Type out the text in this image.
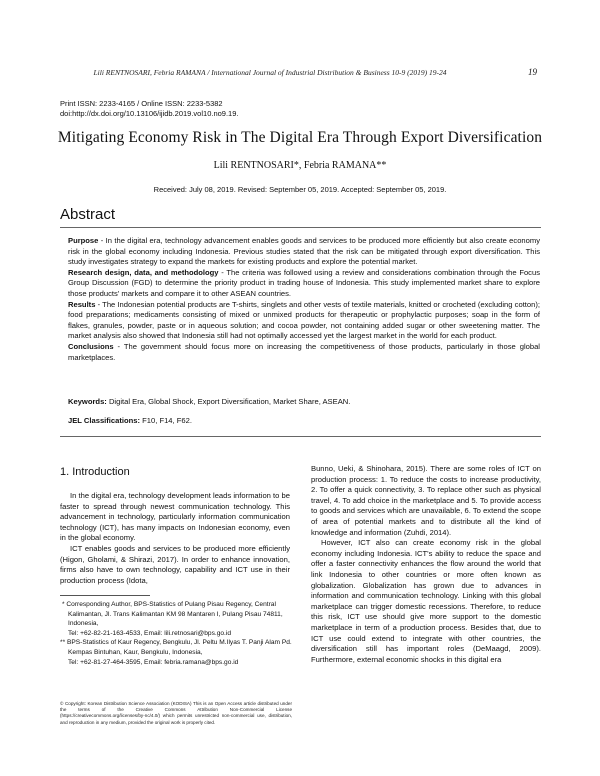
Lili RENTNOSARI, Febria RAMANA / International Journal of Industrial Distribution & Business 10-9 (2019) 19-24	19
Print ISSN: 2233-4165 / Online ISSN: 2233-5382
doi:http://dx.doi.org/10.13106/ijidb.2019.vol10.no9.19.
Mitigating Economy Risk in The Digital Era Through Export Diversification
Lili RENTNOSARI*, Febria RAMANA**
Received: July 08, 2019. Revised: September 05, 2019. Accepted: September 05, 2019.
Abstract

Purpose - In the digital era, technology advancement enables goods and services to be produced more efficiently but also create economy risk in the global economy including Indonesia. Previous studies stated that the risk can be mitigated through export diversification. This study investigates strategy to expand the markets for existing products and explore the potential market.

Research design, data, and methodology - The criteria was followed using a review and considerations combination through the Focus Group Discussion (FGD) to determine the priority product in trading house of Indonesia. This study implemented market share to explore those products' markets and compare it to other ASEAN countries.

Results - The Indonesian potential products are T-shirts, singlets and other vests of textile materials, knitted or crocheted (excluding cotton); food preparations; medicaments consisting of mixed or unmixed products for therapeutic or prophylactic purposes; soap in the form of flakes, granules, powder, paste or in aqueous solution; and cocoa powder, not containing added sugar or other sweetening matter. The market analysis also showed that Indonesia still had not optimally accessed yet the largest market in the world for each product.

Conclusions - The government should focus more on increasing the competitiveness of those products, particularly in those global marketplaces.

Keywords: Digital Era, Global Shock, Export Diversification, Market Share, ASEAN.
JEL Classifications: F10, F14, F62.
1. Introduction

In the digital era, technology development leads information to be faster to spread through newest communication technology. This advancement in technology, particularly information communication technology (ICT), has many impacts on Indonesian economy, even in the global economy.

ICT enables goods and services to be produced more efficiently (Higon, Gholami, & Shirazi, 2017). In order to enhance innovation, firms also have to own technology, capability and ICT use in their production process (Idota,

* Corresponding Author, BPS-Statistics of Pulang Pisau Regency, Central Kalimantan, Jl. Trans Kalimantan KM 98 Mantaren I, Pulang Pisau 74811, Indonesia,
Tel: +62-82-21-163-4533, Email: lili.retnosari@bps.go.id
** BPS-Statistics of Kaur Regency, Bengkulu, Jl. Peltu M.Ilyas T. Panji Alam Pd. Kempas Bintuhan, Kaur, Bengkulu, Indonesia,
Tel: +62-81-27-464-3595, Email: febria.ramana@bps.go.id
© Copyright: Korean Distribution Science Association (KODISA) This is an Open Access article distributed under the terms of the Creative Commons Attribution Non-Commercial License (https://creativecommons.org/licenses/by-nc/4.0/) which permits unrestricted non-commercial use, distribution, and reproduction in any medium, provided the original work is properly cited.

Bunno, Ueki, & Shinohara, 2015). There are some roles of ICT on production process: 1. To reduce the costs to increase productivity, 2. To offer a quick connectivity, 3. To replace other such as physical travel, 4. To add choice in the marketplace and 5. To provide access to goods and services which are unavailable, 6. To extend the scope of area of potential markets and to distribute all the kind of knowledge and information (Zuhdi, 2014).

However, ICT also can create economy risk in the global economy including Indonesia. ICT's ability to reduce the space and offer a faster connectivity enhances the flow around the world that link Indonesia to other countries or more often known as globalization. Globalization has grown due to advances in information and communication technology. Linking with this global marketplace can trigger domestic recessions. Therefore, to reduce this risk, ICT use should give more support to the domestic marketplace in term of a production process. Besides that, due to ICT use could extend to integrate with other countries, the diversification still has important roles (DeMaagd, 2009). Furthermore, external economic shocks in this digital era
